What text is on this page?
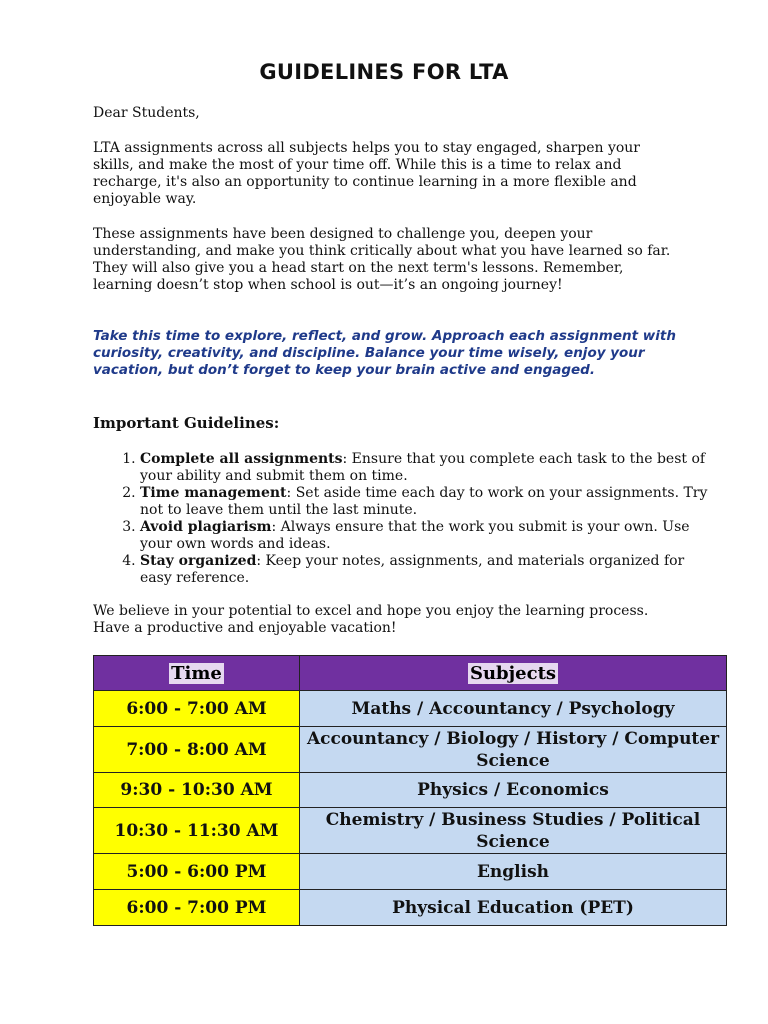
GUIDELINES FOR LTA
Dear Students,
LTA assignments across all subjects helps you to stay engaged, sharpen your skills, and make the most of your time off. While this is a time to relax and recharge, it's also an opportunity to continue learning in a more flexible and enjoyable way.
These assignments have been designed to challenge you, deepen your understanding, and make you think critically about what you have learned so far. They will also give you a head start on the next term's lessons. Remember, learning doesn’t stop when school is out—it’s an ongoing journey!
Take this time to explore, reflect, and grow. Approach each assignment with curiosity, creativity, and discipline. Balance your time wisely, enjoy your vacation, but don’t forget to keep your brain active and engaged.
Important Guidelines:
1. Complete all assignments: Ensure that you complete each task to the best of your ability and submit them on time.
2. Time management: Set aside time each day to work on your assignments. Try not to leave them until the last minute.
3. Avoid plagiarism: Always ensure that the work you submit is your own. Use your own words and ideas.
4. Stay organized: Keep your notes, assignments, and materials organized for easy reference.
We believe in your potential to excel and hope you enjoy the learning process. Have a productive and enjoyable vacation!
Time	Subjects
6:00 - 7:00 AM	Maths / Accountancy / Psychology
7:00 - 8:00 AM	Accountancy / Biology / History / Computer Science
9:30 - 10:30 AM	Physics / Economics
10:30 - 11:30 AM	Chemistry / Business Studies / Political Science
5:00 - 6:00 PM	English
6:00 - 7:00 PM	Physical Education (PET)
